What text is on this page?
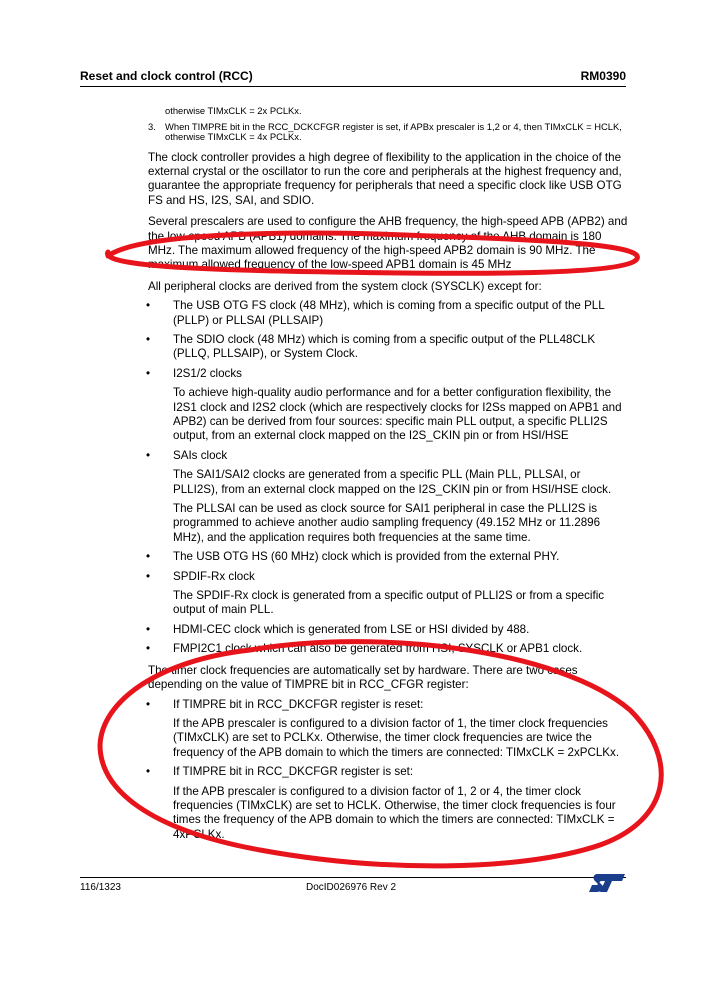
Reset and clock control (RCC)	RM0390
otherwise TIMxCLK = 2x PCLKx.
3. When TIMPRE bit in the RCC_DCKCFGR register is set, if APBx prescaler is 1,2 or 4, then TIMxCLK = HCLK, otherwise TIMxCLK = 4x PCLKx.

The clock controller provides a high degree of flexibility to the application in the choice of the external crystal or the oscillator to run the core and peripherals at the highest frequency and, guarantee the appropriate frequency for peripherals that need a specific clock like USB OTG FS and HS, I2S, SAI, and SDIO.

Several prescalers are used to configure the AHB frequency, the high-speed APB (APB2) and the low-speed APB (APB1) domains. The maximum frequency of the AHB domain is 180 MHz. The maximum allowed frequency of the high-speed APB2 domain is 90 MHz. The maximum allowed frequency of the low-speed APB1 domain is 45 MHz

All peripheral clocks are derived from the system clock (SYSCLK) except for:

• The USB OTG FS clock (48 MHz), which is coming from a specific output of the PLL (PLLP) or PLLSAI (PLLSAIP)
• The SDIO clock (48 MHz) which is coming from a specific output of the PLL48CLK (PLLQ, PLLSAIP), or System Clock.
• I2S1/2 clocks
To achieve high-quality audio performance and for a better configuration flexibility, the I2S1 clock and I2S2 clock (which are respectively clocks for I2Ss mapped on APB1 and APB2) can be derived from four sources: specific main PLL output, a specific PLLI2S output, from an external clock mapped on the I2S_CKIN pin or from HSI/HSE
• SAIs clock
The SAI1/SAI2 clocks are generated from a specific PLL (Main PLL, PLLSAI, or PLLI2S), from an external clock mapped on the I2S_CKIN pin or from HSI/HSE clock.
The PLLSAI can be used as clock source for SAI1 peripheral in case the PLLI2S is programmed to achieve another audio sampling frequency (49.152 MHz or 11.2896 MHz), and the application requires both frequencies at the same time.
• The USB OTG HS (60 MHz) clock which is provided from the external PHY.
• SPDIF-Rx clock
The SPDIF-Rx clock is generated from a specific output of PLLI2S or from a specific output of main PLL.
• HDMI-CEC clock which is generated from LSE or HSI divided by 488.
• FMPI2C1 clock which can also be generated from HSI, SYSCLK or APB1 clock.

The timer clock frequencies are automatically set by hardware. There are two cases depending on the value of TIMPRE bit in RCC_CFGR register:

• If TIMPRE bit in RCC_DKCFGR register is reset:
If the APB prescaler is configured to a division factor of 1, the timer clock frequencies (TIMxCLK) are set to PCLKx. Otherwise, the timer clock frequencies are twice the frequency of the APB domain to which the timers are connected: TIMxCLK = 2xPCLKx.
• If TIMPRE bit in RCC_DKCFGR register is set:
If the APB prescaler is configured to a division factor of 1, 2 or 4, the timer clock frequencies (TIMxCLK) are set to HCLK. Otherwise, the timer clock frequencies is four times the frequency of the APB domain to which the timers are connected: TIMxCLK = 4xPCLKx.
116/1323	DocID026976 Rev 2
